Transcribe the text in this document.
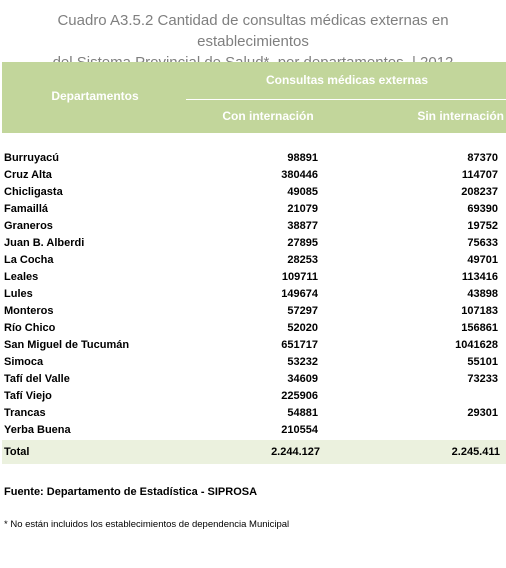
Cuadro A3.5.2 Cantidad de consultas médicas externas en establecimientos
Departamentos
Consultas médicas externas
Con internación	Sin internación
Burruyacú	98891	87370
Cruz Alta	380446	114707
Chicligasta	49085	208237
Famaillá	21079	69390
Graneros	38877	19752
Juan B. Alberdi	27895	75633
La Cocha	28253	49701
Leales	109711	113416
Lules	149674	43898
Monteros	57297	107183
Río Chico	52020	156861
San Miguel de Tucumán	651717	1041628
Simoca	53232	55101
Tafí del Valle	34609	73233
Tafí Viejo	225906
Trancas	54881	29301
Yerba Buena	210554
Total	2.244.127	2.245.411
Fuente: Departamento de Estadística - SIPROSA
* No están incluidos los establecimientos de dependencia Municipal
